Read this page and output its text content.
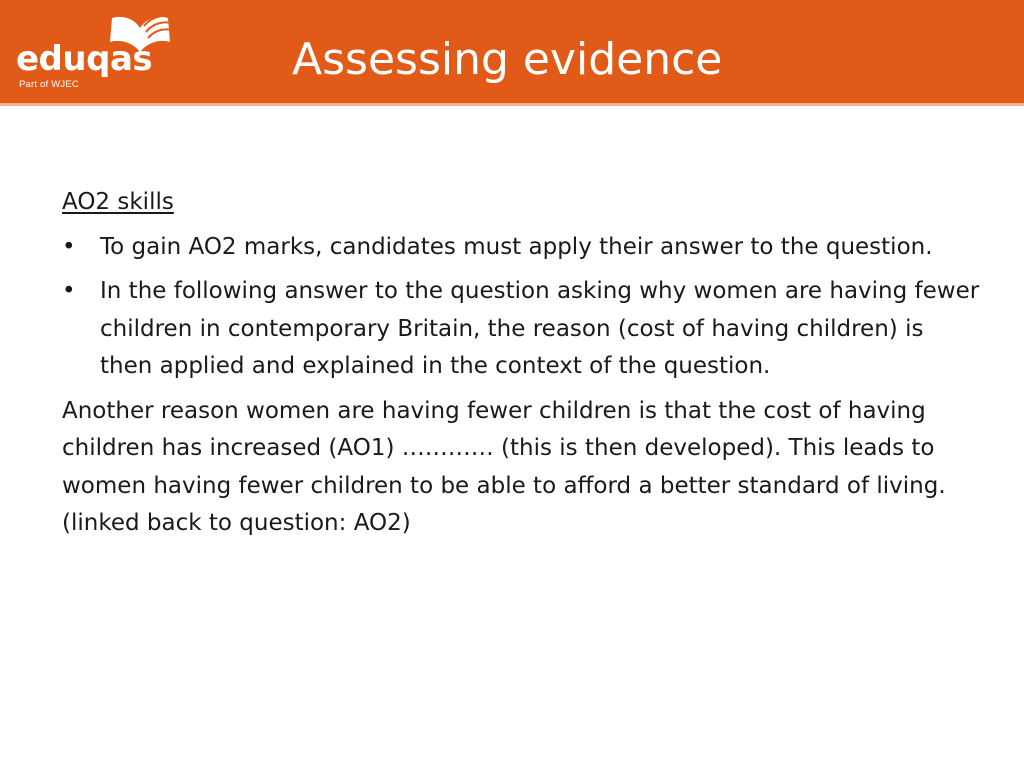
eduqas
Part of WJEC	Assessing evidence
AO2 skills
• To gain AO2 marks, candidates must apply their answer to the question.
• In the following answer to the question asking why women are having fewer children in contemporary Britain, the reason (cost of having children) is then applied and explained in the context of the question.
Another reason women are having fewer children is that the cost of having children has increased (AO1) ………… (this is then developed). This leads to women having fewer children to be able to afford a better standard of living. (linked back to question: AO2)
